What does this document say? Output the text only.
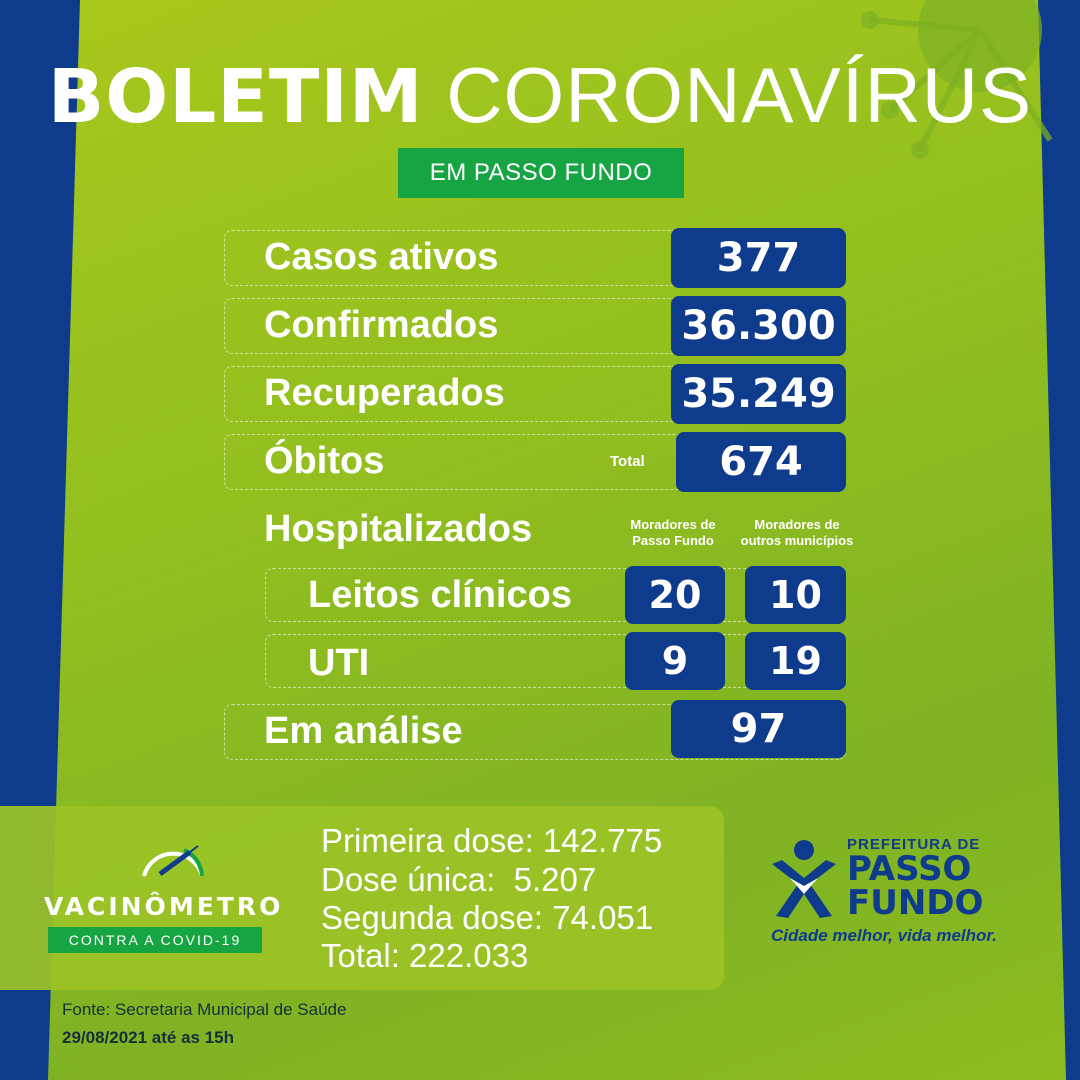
BOLETIM CORONAVÍRUS
EM PASSO FUNDO
Casos ativos	377
Confirmados	36.300
Recuperados	35.249
Óbitos	Total	674
Hospitalizados	Moradores de
Passo Fundo
Moradores de
outros municípios
Leitos clínicos	20	10
UTI	9	19
Em análise	97
VACINÔMETRO
CONTRA A COVID-19
Primeira dose: 142.775
Dose única:  5.207
Segunda dose: 74.051
Total: 222.033
PREFEITURA DE
PASSO
FUNDO
Cidade melhor, vida melhor.
Fonte: Secretaria Municipal de Saúde
29/08/2021 até as 15h
